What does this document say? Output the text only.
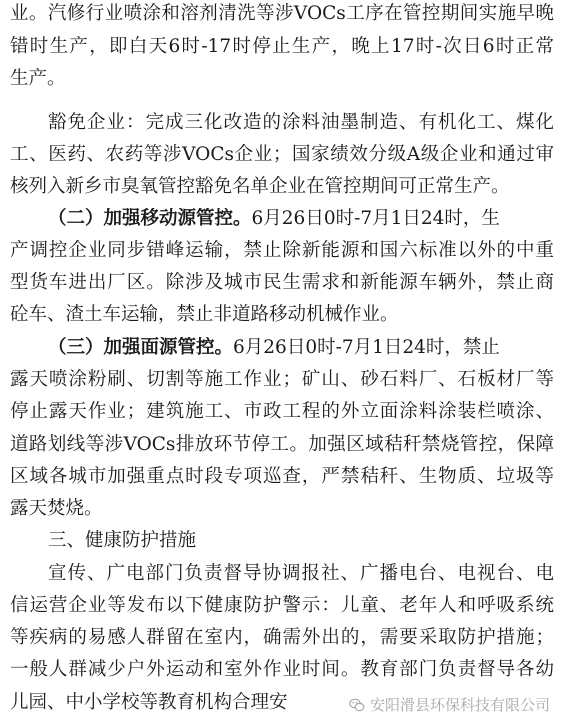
业。汽修行业喷涂和溶剂清洗等涉VOCs工序在管控期间实施早晚
错时生产，即白天6时-17时停止生产，晚上17时-次日6时正常
生产。
豁免企业：完成三化改造的涂料油墨制造、有机化工、煤化
工、医药、农药等涉VOCs企业；国家绩效分级A级企业和通过审
核列入新乡市臭氧管控豁免名单企业在管控期间可正常生产。
（二）加强移动源管控。6月26日0时-7月1日24时，生
产调控企业同步错峰运输，禁止除新能源和国六标准以外的中重
型货车进出厂区。除涉及城市民生需求和新能源车辆外，禁止商
砼车、渣土车运输，禁止非道路移动机械作业。
（三）加强面源管控。6月26日0时-7月1日24时，禁止
露天喷涂粉刷、切割等施工作业；矿山、砂石料厂、石板材厂等
停止露天作业；建筑施工、市政工程的外立面涂料涂装栏喷涂、
道路划线等涉VOCs排放环节停工。加强区域秸秆禁烧管控，保障
区域各城市加强重点时段专项巡查，严禁秸秆、生物质、垃圾等
露天焚烧。
三、健康防护措施
宣传、广电部门负责督导协调报社、广播电台、电视台、电
信运营企业等发布以下健康防护警示：儿童、老年人和呼吸系统
等疾病的易感人群留在室内，确需外出的，需要采取防护措施；
一般人群减少户外运动和室外作业时间。教育部门负责督导各幼
儿园、中小学校等教育机构合理安	安阳滑县环保科技有限公司
